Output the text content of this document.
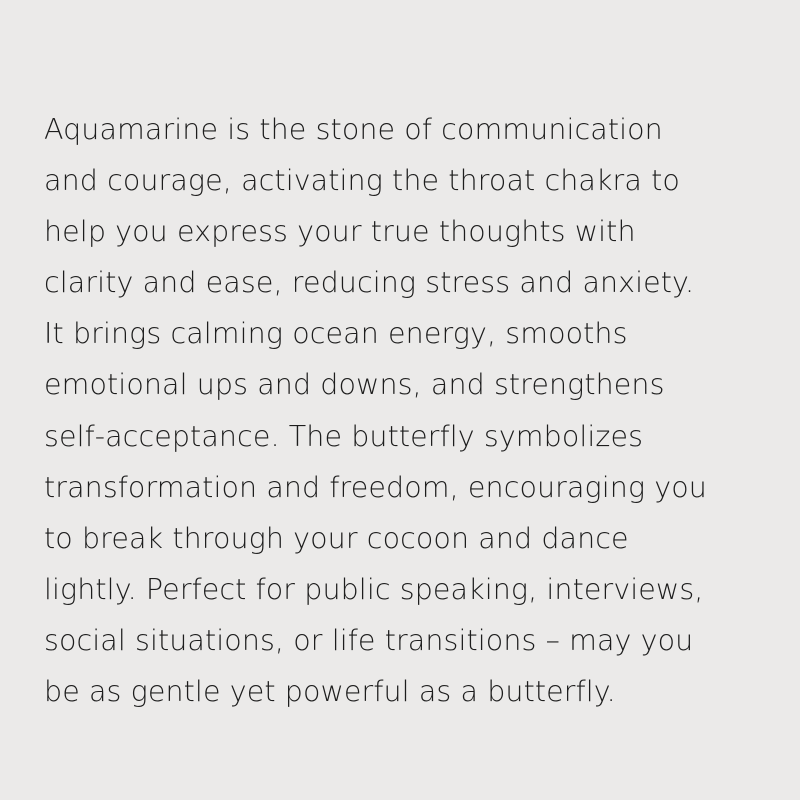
Aquamarine is the stone of communication
and courage, activating the throat chakra to
help you express your true thoughts with
clarity and ease, reducing stress and anxiety.
It brings calming ocean energy, smooths
emotional ups and downs, and strengthens
self-acceptance. The butterfly symbolizes
transformation and freedom, encouraging you
to break through your cocoon and dance
lightly. Perfect for public speaking, interviews,
social situations, or life transitions – may you
be as gentle yet powerful as a butterfly.
